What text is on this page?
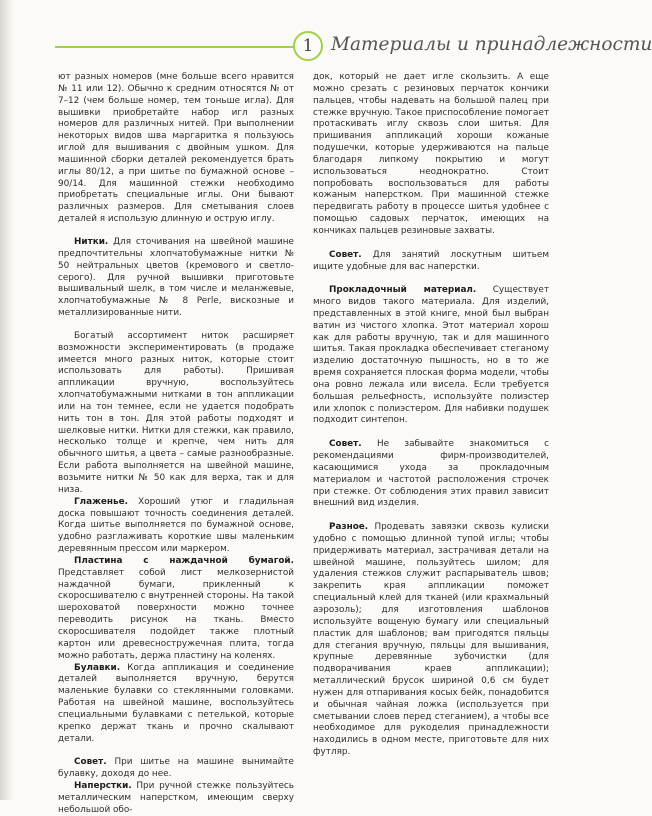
1 Материалы и принадлежности

ют разных номеров (мне больше всего нравится № 11 или 12). Обычно к средним относятся № от 7–12 (чем больше номер, тем тоньше игла). Для вышивки приобретайте набор игл разных номеров для различных нитей. При выполнении некоторых видов шва маргаритка я пользуюсь иглой для вышивания с двойным ушком. Для машинной сборки деталей рекомендуется брать иглы 80/12, а при шитье по бумажной основе – 90/14. Для машинной стежки необходимо приобретать специальные иглы. Они бывают различных размеров. Для сметывания слоев деталей я использую длинную и острую иглу.

Нитки. Для сточивания на швейной машине предпочтительны хлопчатобумажные нитки № 50 нейтральных цветов (кремового и светло-серого). Для ручной вышивки приготовьте вышивальный шелк, в том числе и меланжевые, хлопчатобумажные № 8 Perle, вискозные и металлизированные нити.

Богатый ассортимент ниток расширяет возможности экспериментировать (в продаже имеется много разных ниток, которые стоит использовать для работы). Пришивая аппликации вручную, воспользуйтесь хлопчатобумажными нитками в тон аппликации или на тон темнее, если не удается подобрать нить тон в тон. Для этой работы подходят и шелковые нитки. Нитки для стежки, как правило, несколько толще и крепче, чем нить для обычного шитья, а цвета – самые разнообразные. Если работа выполняется на швейной машине, возьмите нитки № 50 как для верха, так и для низа.

Глаженье. Хороший утюг и гладильная доска повышают точность соединения деталей. Когда шитье выполняется по бумажной основе, удобно разглаживать короткие швы маленьким деревянным прессом или маркером.

Пластина с наждачной бумагой. Представляет собой лист мелкозернистой наждачной бумаги, прикленный к скоросшивателю с внутренней стороны. На такой шероховатой поверхности можно точнее переводить рисунок на ткань. Вместо скоросшивателя подойдет также плотный картон или древесностружечная плита, тогда можно работать, держа пластину на коленях.

Булавки. Когда аппликация и соединение деталей выполняется вручную, берутся маленькие булавки со стеклянными головками. Работая на швейной машине, воспользуйтесь специальными булавками с петелькой, которые крепко держат ткань и прочно скалывают детали.

Совет. При шитье на машине вынимайте булавку, доходя до нее.

Наперстки. При ручной стежке пользуйтесь металлическим наперстком, имеющим сверху небольшой обо-

док, который не дает игле скользить. А еще можно срезать с резиновых перчаток кончики пальцев, чтобы надевать на большой палец при стежке вручную. Такое приспособление помогает протаскивать иглу сквозь слои шитья. Для пришивания аппликаций хороши кожаные подушечки, которые удерживаются на пальце благодаря липкому покрытию и могут использоваться неоднократно. Стоит попробовать воспользоваться для работы кожаным наперстком. При машинной стежке передвигать работу в процессе шитья удобнее с помощью садовых перчаток, имеющих на кончиках пальцев резиновые захваты.

Совет. Для занятий лоскутным шитьем ищите удобные для вас наперстки.

Прокладочный материал. Существует много видов такого материала. Для изделий, представленных в этой книге, мной был выбран ватин из чистого хлопка. Этот материал хорош как для работы вручную, так и для машинного шитья. Такая прокладка обеспечивает стеганому изделию достаточную пышность, но в то же время сохраняется плоская форма модели, чтобы она ровно лежала или висела. Если требуется большая рельефность, используйте полиэстер или хлопок с полиэстером. Для набивки подушек подходит синтепон.

Совет. Не забывайте знакомиться с рекомендациями фирм-производителей, касающимися ухода за прокладочным материалом и частотой расположения строчек при стежке. От соблюдения этих правил зависит внешний вид изделия.

Разное. Продевать завязки сквозь кулиски удобно с помощью длинной тупой иглы; чтобы придерживать материал, застрачивая детали на швейной машине, пользуйтесь шилом; для удаления стежков служит распарыватель швов; закрепить края аппликации поможет специальный клей для тканей (или крахмальный аэрозоль); для изготовления шаблонов используйте вощеную бумагу или специальный пластик для шаблонов; вам пригодятся пяльцы для стегания вручную, пяльцы для вышивания, крупные деревянные зубочистки (для подворачивания краев аппликации); металлический брусок шириной 0,6 см будет нужен для отпаривания косых бейк, понадобится и обычная чайная ложка (используется при сметывании слоев перед стеганием), а чтобы все необходимое для рукоделия принадлежности находились в одном месте, приготовьте для них футляр.
